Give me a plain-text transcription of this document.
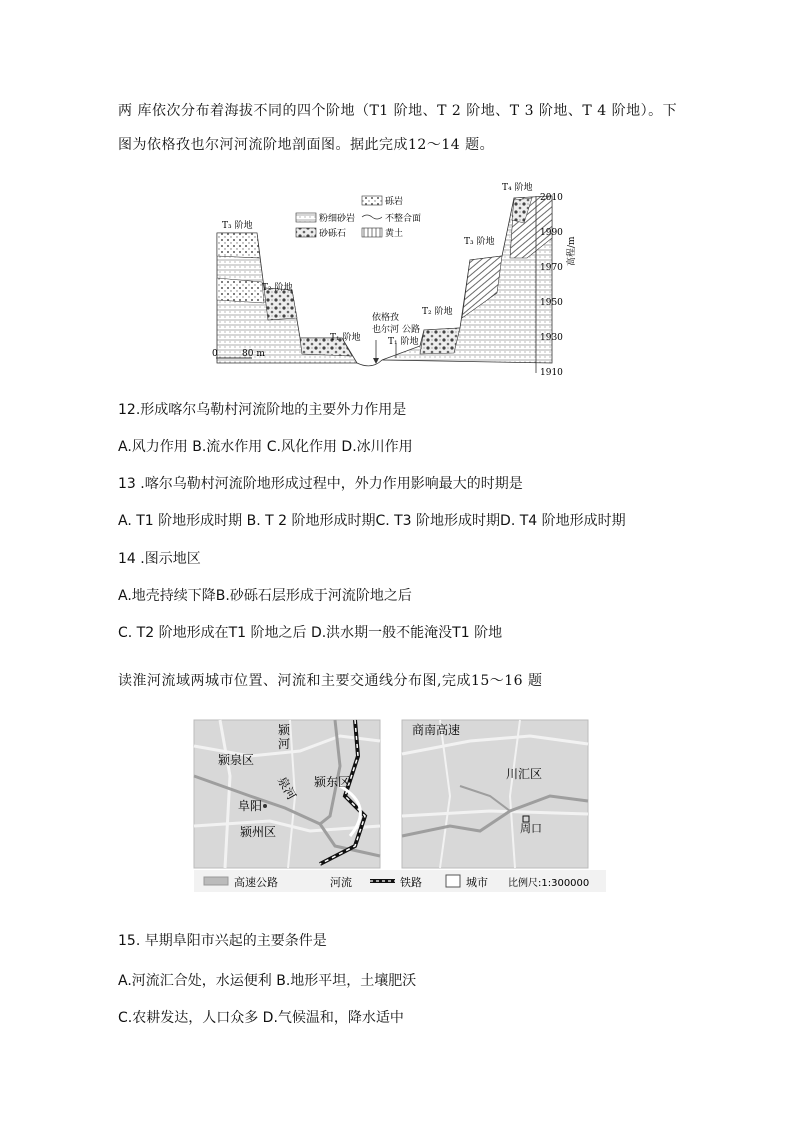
两 库依次分布着海拔不同的四个阶地（T1 阶地、T 2 阶地、T 3 阶地、T 4 阶地）。下
图为依格孜也尔河河流阶地剖面图。据此完成12～14 题。
粉细砂岩
砂砾石
砾岩
不整合面
黄土
T₃ 阶地
T₂ 阶地
T₁ 阶地
依格孜
也尔河 公路
T₁ 阶地
T₂ 阶地
T₃ 阶地
T₄ 阶地
0	80 m
2010
1990
1970
1950
1930
1910
高程/m
12.形成喀尔乌勒村河流阶地的主要外力作用是
A.风力作用 B.流水作用 C.风化作用 D.冰川作用
13 .喀尔乌勒村河流阶地形成过程中，外力作用影响最大的时期是
A. T1 阶地形成时期 B. T 2 阶地形成时期C. T3 阶地形成时期D. T4 阶地形成时期
14 .图示地区
A.地壳持续下降B.砂砾石层形成于河流阶地之后
C. T2 阶地形成在T1 阶地之后 D.洪水期一般不能淹没T1 阶地
读淮河流域两城市位置、河流和主要交通线分布图,完成15～16 题
颍
河
颍泉区
泉河 颍东区
阜阳
颍州区
商南高速
川汇区
周口
高速公路	河流	铁路	城市 比例尺:1:300000
15. 早期阜阳市兴起的主要条件是
A.河流汇合处，水运便利 B.地形平坦，土壤肥沃
C.农耕发达，人口众多 D.气候温和，降水适中
